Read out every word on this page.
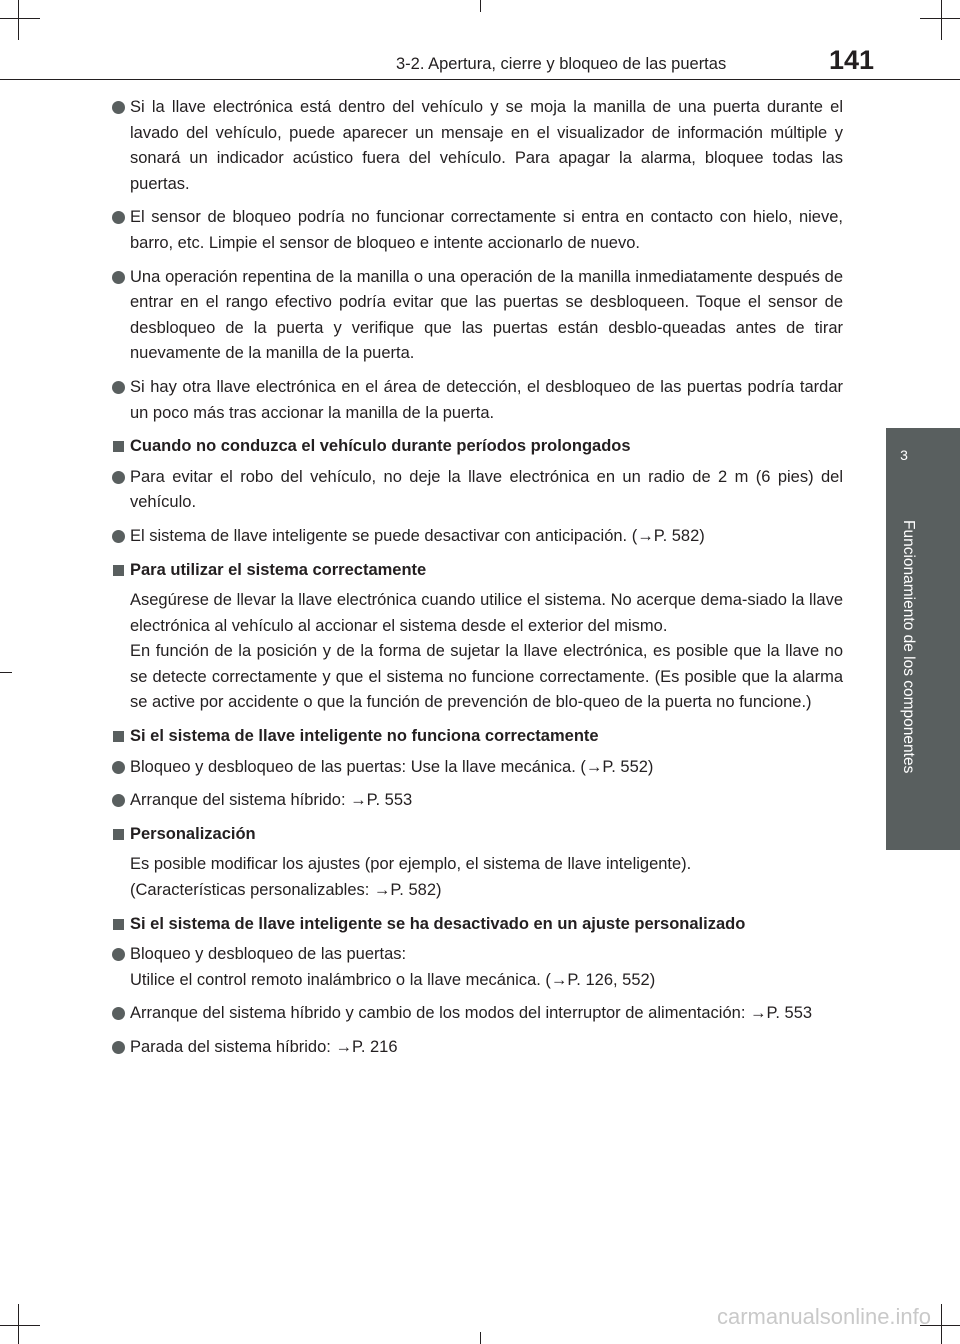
3-2. Apertura, cierre y bloqueo de las puertas	141
3
Funcionamiento de los componentes
Si la llave electrónica está dentro del vehículo y se moja la manilla de una puerta durante el lavado del vehículo, puede aparecer un mensaje en el visualizador de información múltiple y sonará un indicador acústico fuera del vehículo. Para apagar la alarma, bloquee todas las puertas.
El sensor de bloqueo podría no funcionar correctamente si entra en contacto con hielo, nieve, barro, etc. Limpie el sensor de bloqueo e intente accionarlo de nuevo.
Una operación repentina de la manilla o una operación de la manilla inmediatamente después de entrar en el rango efectivo podría evitar que las puertas se desbloqueen. Toque el sensor de desbloqueo de la puerta y verifique que las puertas están desblo-queadas antes de tirar nuevamente de la manilla de la puerta.
Si hay otra llave electrónica en el área de detección, el desbloqueo de las puertas podría tardar un poco más tras accionar la manilla de la puerta.
Cuando no conduzca el vehículo durante períodos prolongados
Para evitar el robo del vehículo, no deje la llave electrónica en un radio de 2 m (6 pies) del vehículo.
El sistema de llave inteligente se puede desactivar con anticipación. (→P. 582)
Para utilizar el sistema correctamente
Asegúrese de llevar la llave electrónica cuando utilice el sistema. No acerque dema-siado la llave electrónica al vehículo al accionar el sistema desde el exterior del mismo.
En función de la posición y de la forma de sujetar la llave electrónica, es posible que la llave no se detecte correctamente y que el sistema no funcione correctamente. (Es posible que la alarma se active por accidente o que la función de prevención de blo-queo de la puerta no funcione.)
Si el sistema de llave inteligente no funciona correctamente
Bloqueo y desbloqueo de las puertas: Use la llave mecánica. (→P. 552)
Arranque del sistema híbrido: →P. 553
Personalización
Es posible modificar los ajustes (por ejemplo, el sistema de llave inteligente).
(Características personalizables: →P. 582)
Si el sistema de llave inteligente se ha desactivado en un ajuste personalizado
Bloqueo y desbloqueo de las puertas:
Utilice el control remoto inalámbrico o la llave mecánica. (→P. 126, 552)
Arranque del sistema híbrido y cambio de los modos del interruptor de alimentación: →P. 553
Parada del sistema híbrido: →P. 216
carmanualsonline.info
